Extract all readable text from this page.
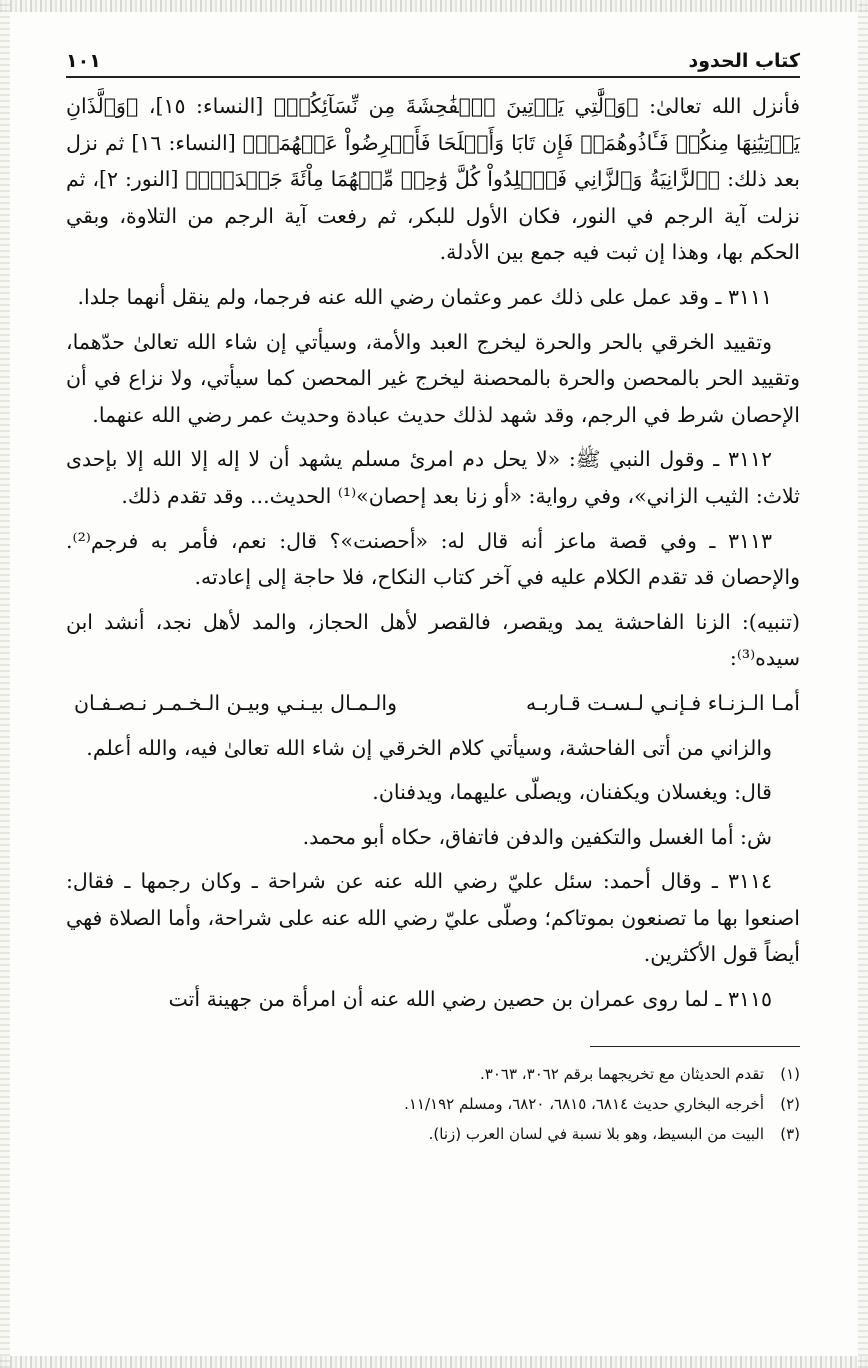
كتاب الحدود
١٠١

فأنزل الله تعالىٰ: ﴿وَٱلَّٰتِي يَأۡتِينَ ٱلۡفَٰحِشَةَ مِن نِّسَآئِكُمۡ﴾ [النساء: ١٥]، ﴿وَٱلَّذَانِ يَأۡتِيَٰنِهَا مِنكُمۡ فَـَٔاذُوهُمَاۖ فَإِن تَابَا وَأَصۡلَحَا فَأَعۡرِضُواْ عَنۡهُمَآۗ﴾ [النساء: ١٦] ثم نزل بعد ذلك: ﴿ٱلزَّانِيَةُ وَٱلزَّانِي فَٱجۡلِدُواْ كُلَّ وَٰحِدٖ مِّنۡهُمَا مِاْئَةَ جَلۡدَةٖۖ﴾ [النور: ٢]، ثم نزلت آية الرجم في النور، فكان الأول للبكر، ثم رفعت آية الرجم من التلاوة، وبقي الحكم بها، وهذا إن ثبت فيه جمع بين الأدلة.

٣١١١ ـ وقد عمل على ذلك عمر وعثمان رضي الله عنه فرجما، ولم ينقل أنهما جلدا.

وتقييد الخرقي بالحر والحرة ليخرج العبد والأمة، وسيأتي إن شاء الله تعالىٰ حدّهما، وتقييد الحر بالمحصن والحرة بالمحصنة ليخرج غير المحصن كما سيأتي، ولا نزاع في أن الإحصان شرط في الرجم، وقد شهد لذلك حديث عبادة وحديث عمر رضي الله عنهما.

٣١١٢ ـ وقول النبي ﷺ: «لا يحل دم امرئ مسلم يشهد أن لا إله إلا الله إلا بإحدى ثلاث: الثيب الزاني»، وفي رواية: «أو زنا بعد إحصان»⁽¹⁾ الحديث... وقد تقدم ذلك.

٣١١٣ ـ وفي قصة ماعز أنه قال له: «أحصنت»؟ قال: نعم، فأمر به فرجم⁽²⁾. والإحصان قد تقدم الكلام عليه في آخر كتاب النكاح، فلا حاجة إلى إعادته.

(تنبيه): الزنا الفاحشة يمد ويقصر، فالقصر لأهل الحجاز، والمد لأهل نجد، أنشد ابن سيده⁽³⁾:

أمـا الـزنـاء فـإنـي لـسـت قـاربـه
والـمـال بيـنـي وبيـن الـخـمـر نـصـفـان

والزاني من أتى الفاحشة، وسيأتي كلام الخرقي إن شاء الله تعالىٰ فيه، والله أعلم.

قال: ويغسلان ويكفنان، ويصلّى عليهما، ويدفنان.

ش: أما الغسل والتكفين والدفن فاتفاق، حكاه أبو محمد.

٣١١٤ ـ وقال أحمد: سئل عليّ رضي الله عنه عن شراحة ـ وكان رجمها ـ فقال: اصنعوا بها ما تصنعون بموتاكم؛ وصلّى عليّ رضي الله عنه على شراحة، وأما الصلاة فهي أيضاً قول الأكثرين.

٣١١٥ ـ لما روى عمران بن حصين رضي الله عنه أن امرأة من جهينة أتت

(١)
تقدم الحديثان مع تخريجهما برقم ٣٠٦٢، ٣٠٦٣.
(٢)
أخرجه البخاري حديث ٦٨١٤، ٦٨١٥، ٦٨٢٠، ومسلم ١١/١٩٢.
(٣)
البيت من البسيط، وهو بلا نسبة في لسان العرب (زنا).
